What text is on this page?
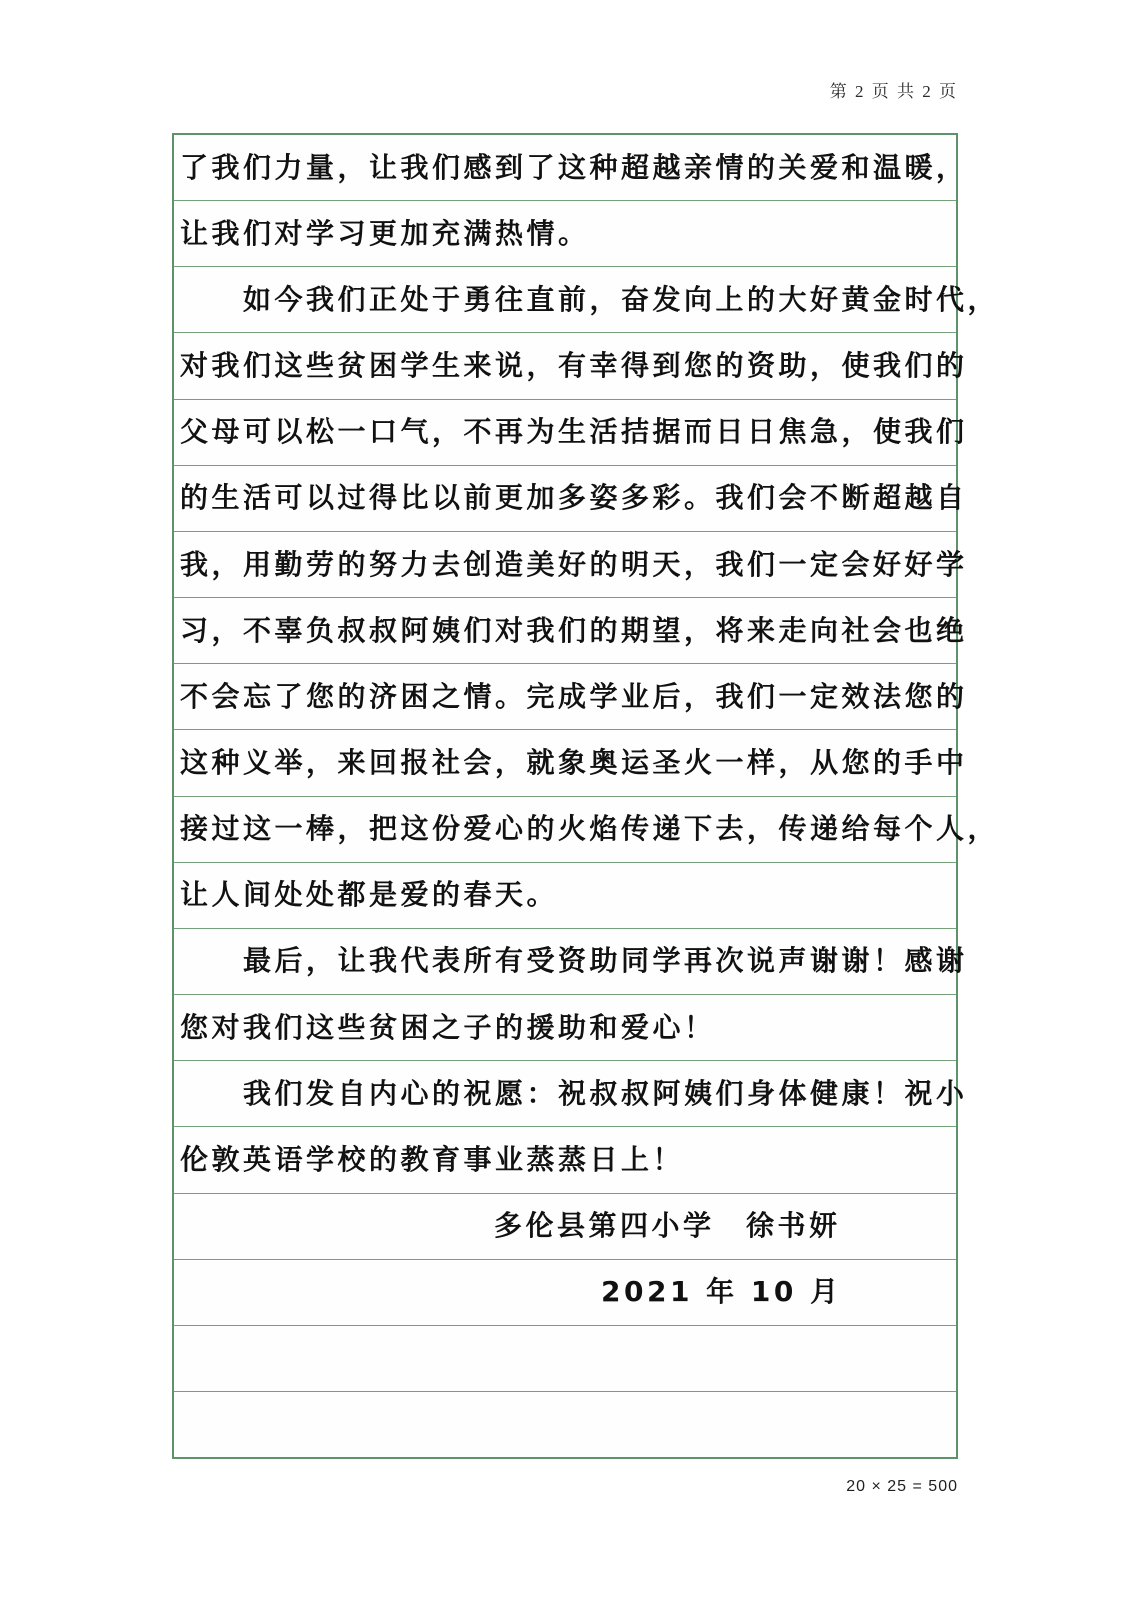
第 2 页 共 2 页
了我们力量，让我们感到了这种超越亲情的关爱和温暖，
让我们对学习更加充满热情。
如今我们正处于勇往直前，奋发向上的大好黄金时代，
对我们这些贫困学生来说，有幸得到您的资助，使我们的
父母可以松一口气，不再为生活拮据而日日焦急，使我们
的生活可以过得比以前更加多姿多彩。我们会不断超越自
我，用勤劳的努力去创造美好的明天，我们一定会好好学
习，不辜负叔叔阿姨们对我们的期望，将来走向社会也绝
不会忘了您的济困之情。完成学业后，我们一定效法您的
这种义举，来回报社会，就象奥运圣火一样，从您的手中
接过这一棒，把这份爱心的火焰传递下去，传递给每个人，
让人间处处都是爱的春天。
最后，让我代表所有受资助同学再次说声谢谢！感谢
您对我们这些贫困之子的援助和爱心！
我们发自内心的祝愿：祝叔叔阿姨们身体健康！祝小
伦敦英语学校的教育事业蒸蒸日上！
多伦县第四小学　徐书妍
2021 年 10 月
20 × 25 = 500
